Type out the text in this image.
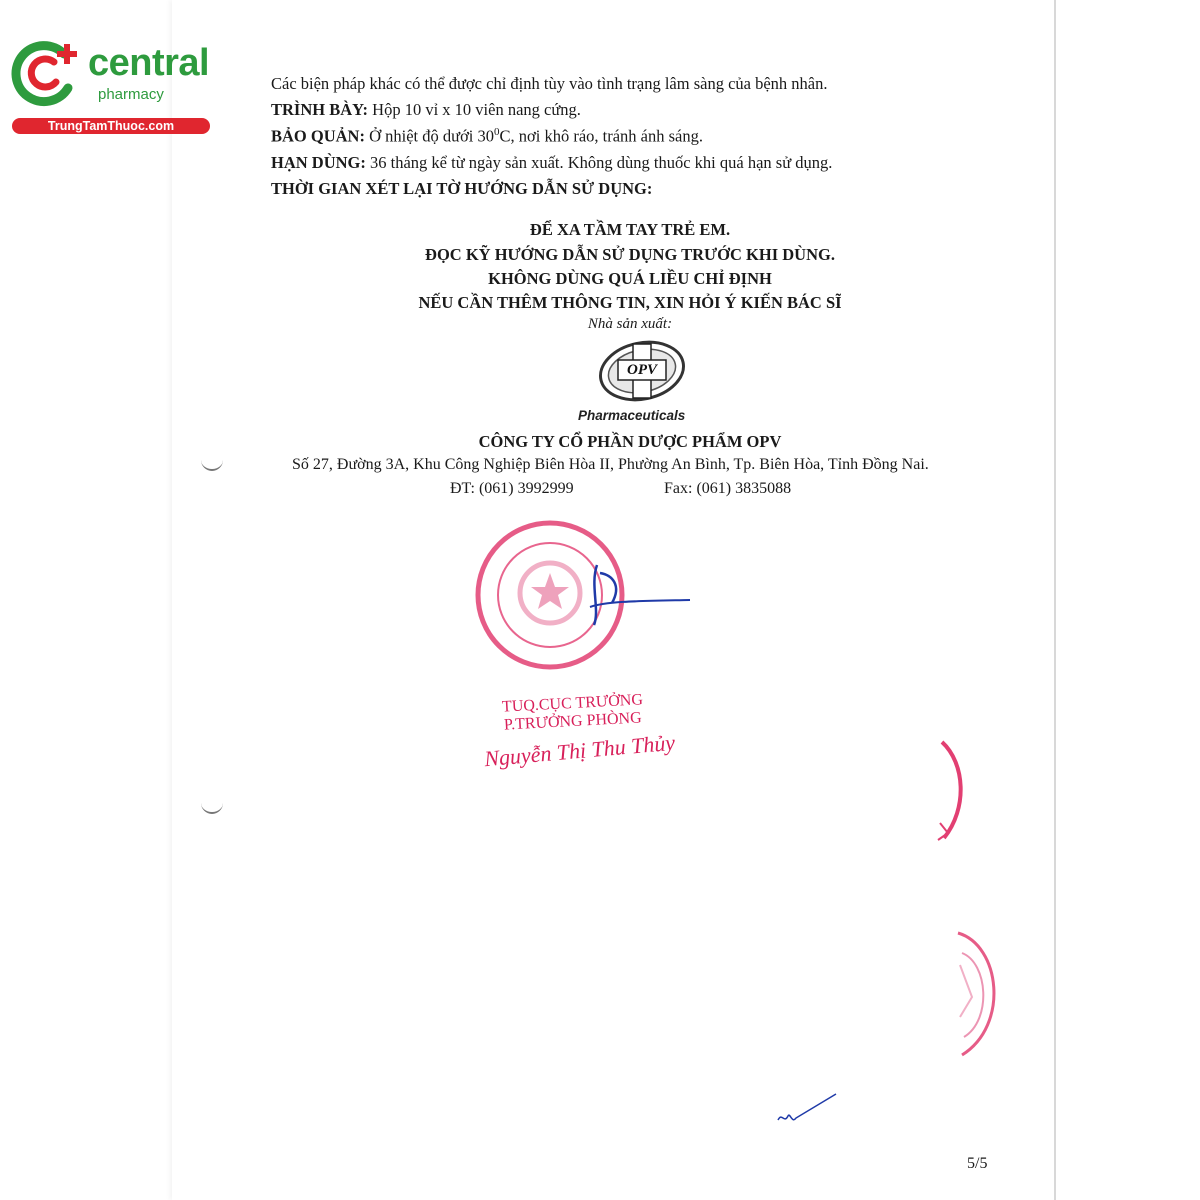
central
pharmacy
TrungTamThuoc.com
Các biện pháp khác có thể được chỉ định tùy vào tình trạng lâm sàng của bệnh nhân.
TRÌNH BÀY: Hộp 10 vỉ x 10 viên nang cứng.
BẢO QUẢN: Ở nhiệt độ dưới $30^0C$, nơi khô ráo, tránh ánh sáng.
HẠN DÙNG: 36 tháng kể từ ngày sản xuất. Không dùng thuốc khi quá hạn sử dụng.
THỜI GIAN XÉT LẠI TỜ HƯỚNG DẪN SỬ DỤNG:
ĐỂ XA TẦM TAY TRẺ EM.
ĐỌC KỸ HƯỚNG DẪN SỬ DỤNG TRƯỚC KHI DÙNG.
KHÔNG DÙNG QUÁ LIỀU CHỈ ĐỊNH
NẾU CẦN THÊM THÔNG TIN, XIN HỎI Ý KIẾN BÁC SĨ
Nhà sản xuất:
OPV
Pharmaceuticals
CÔNG TY CỔ PHẦN DƯỢC PHẨM OPV
Số 27, Đường 3A, Khu Công Nghiệp Biên Hòa II, Phường An Bình, Tp. Biên Hòa, Tỉnh Đồng Nai.
ĐT: (061) 3992999	Fax: (061) 3835088
TUQ.CỤC TRƯỞNG
P.TRƯỞNG PHÒNG
Nguyễn Thị Thu Thủy
5/5
